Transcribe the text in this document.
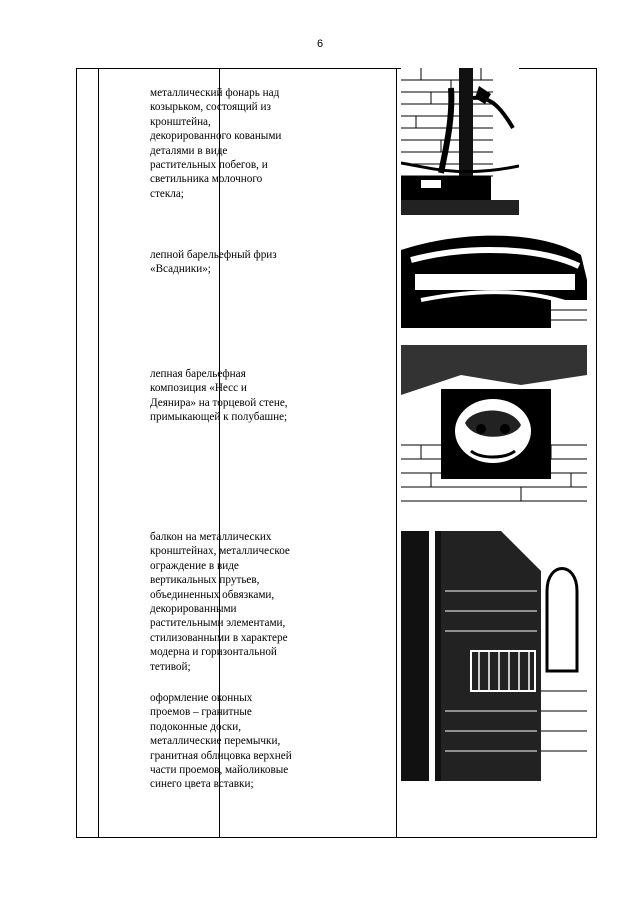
6
металлический фонарь над
козырьком, состоящий из
кронштейна,
декорированного коваными
деталями в виде
растительных побегов, и
светильника молочного
стекла;
лепной барельефный фриз
«Всадники»;
лепная барельефная
композиция «Несс и
Деянира» на торцевой стене,
примыкающей к полубашне;
балкон на металлических
кронштейнах, металлическое
ограждение в виде
вертикальных прутьев,
объединенных обвязками,
декорированными
растительными элементами,
стилизованными в характере
модерна и горизонтальной
тетивой;
оформление оконных
проемов – гранитные
подоконные доски,
металлические перемычки,
гранитная облицовка верхней
части проемов, майоликовые
синего цвета вставки;
